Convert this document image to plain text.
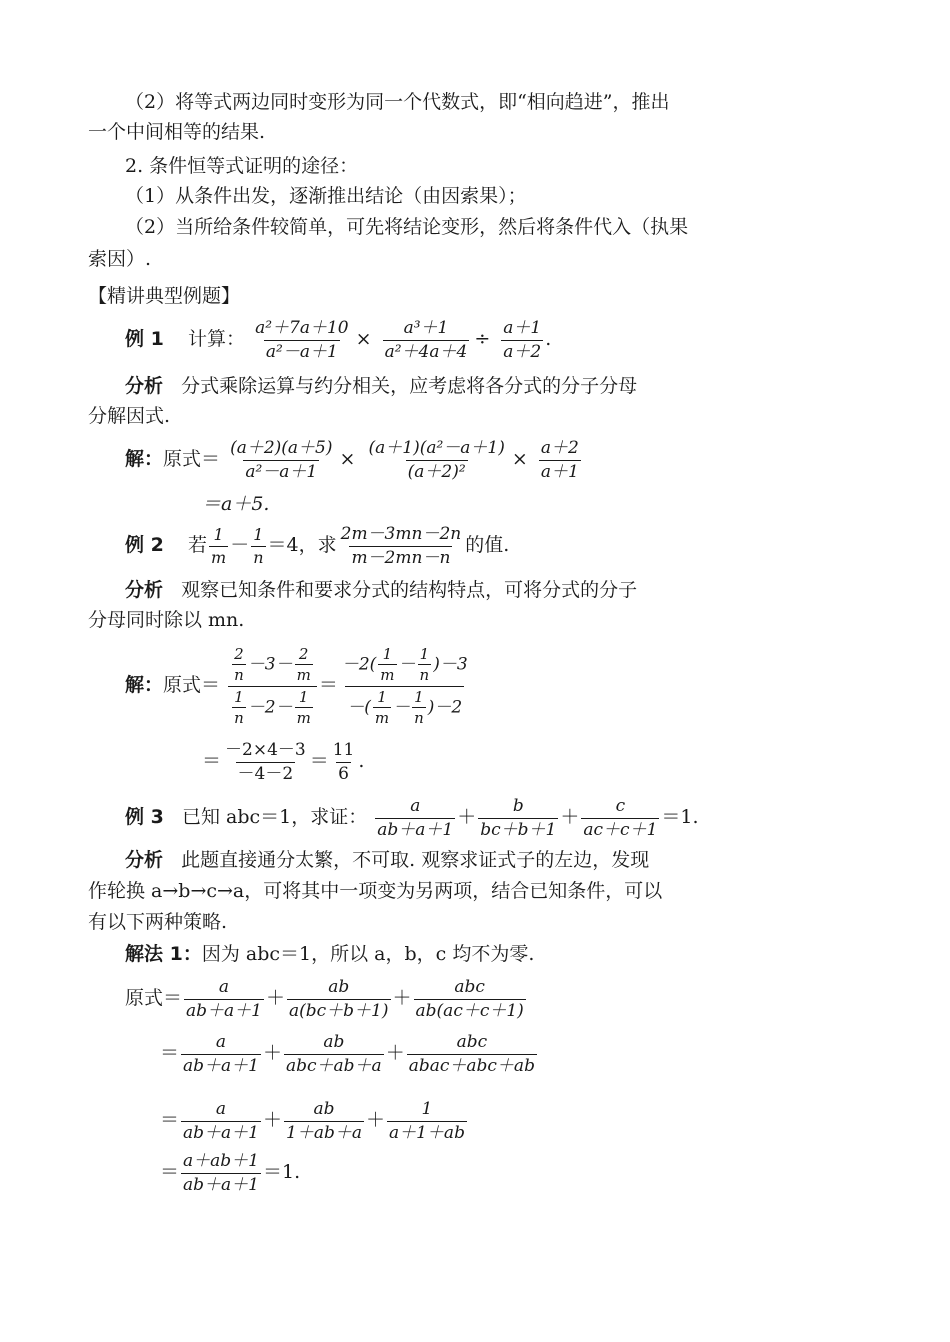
（2）将等式两边同时变形为同一个代数式，即“相向趋进”，推出
一个中间相等的结果.
2. 条件恒等式证明的途径：
（1）从条件出发，逐渐推出结论（由因索果）；
（2）当所给条件较简单，可先将结论变形，然后将条件代入（执果
索因）.
【精讲典型例题】
例 1 计算： $\frac{\text{a²＋7a＋10}}{\text{a²－a＋1}} \times \frac{\text{a³＋1}}{\text{a²＋4a＋4}} \div \frac{a+1}{a+2}$ .
分析 分式乘除运算与约分相关，应考虑将各分式的分子分母
分解因式.
解：原式＝ $\frac{(a+2)(a+5)}{\text{a²－a＋1}} \times \frac{\text{(a＋1)(a²－a＋1)}}{\text{(a＋2)²}} \times \frac{a+2}{a+1}$
＝a＋5.
例 2 若 $\frac{1}{m} - \frac{1}{n} =4$，求 $\frac{2m-3mn-2n}{m-2mn-n}$ 的值.
分析 观察已知条件和要求分式的结构特点，可将分式的分子
分母同时除以 mn.
解：原式＝ $\frac{\frac{2}{n} -3- \frac{2}{m}}{\frac{1}{n} -2- \frac{1}{m}} = \frac{-2( \frac{1}{m} - \frac{1}{n} )-3}{-( \frac{1}{m} - \frac{1}{n} )-2}$
＝ $\frac{-2\times 4-3}{-4-2} = \frac{11}{6}$ .
例 3 已知 abc＝1，求证： $\frac{a}{ab+a+1} + \frac{b}{bc+b+1} + \frac{c}{ac+c+1} =1$.
分析 此题直接通分太繁，不可取. 观察求证式子的左边，发现
作轮换 a→b→c→a，可将其中一项变为另两项，结合已知条件，可以
有以下两种策略.
解法 1：因为 abc＝1，所以 a，b，c 均不为零.
原式＝ $\frac{a}{ab+a+1} + \frac{ab}{a(bc+b+1)} + \frac{\text{abc}}{ab(ac+c+1)}$
＝ $\frac{a}{ab+a+1} + \frac{ab}{\text{abc＋ab＋a}} + \frac{\text{abc}}{\text{abac＋abc＋ab}}$
＝ $\frac{a}{ab+a+1} + \frac{ab}{1+ab+a} + \frac{1}{a+1+ab}$
＝ $\frac{a+ab+1}{ab+a+1} =1$.
